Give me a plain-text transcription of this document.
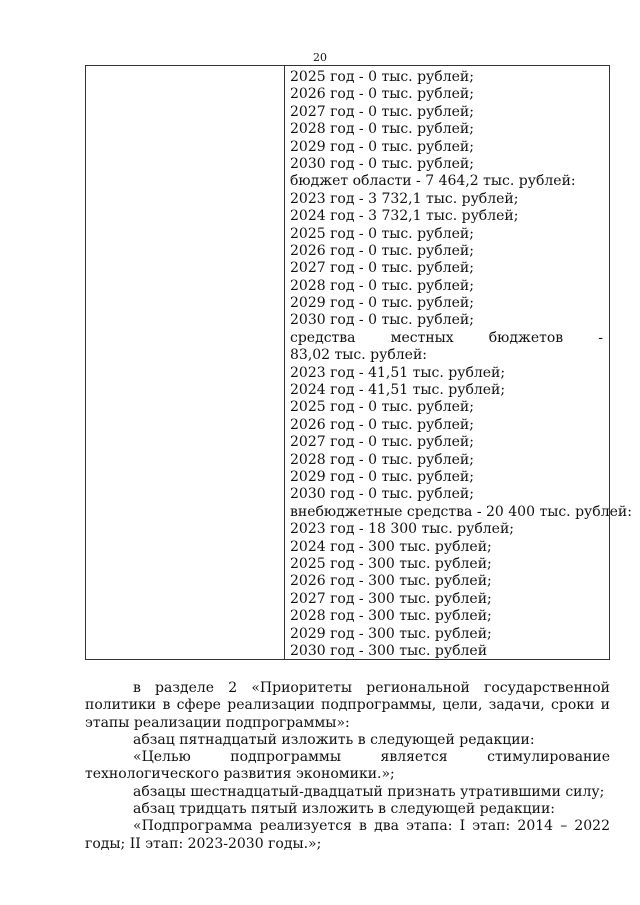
20
2025 год - 0 тыс. рублей;
2026 год - 0 тыс. рублей;
2027 год - 0 тыс. рублей;
2028 год - 0 тыс. рублей;
2029 год - 0 тыс. рублей;
2030 год - 0 тыс. рублей;
бюджет области - 7 464,2 тыс. рублей:
2023 год - 3 732,1 тыс. рублей;
2024 год - 3 732,1 тыс. рублей;
2025 год - 0 тыс. рублей;
2026 год - 0 тыс. рублей;
2027 год - 0 тыс. рублей;
2028 год - 0 тыс. рублей;
2029 год - 0 тыс. рублей;
2030 год - 0 тыс. рублей;
средства	местных	бюджетов	-
83,02 тыс. рублей:
2023 год - 41,51 тыс. рублей;
2024 год - 41,51 тыс. рублей;
2025 год - 0 тыс. рублей;
2026 год - 0 тыс. рублей;
2027 год - 0 тыс. рублей;
2028 год - 0 тыс. рублей;
2029 год - 0 тыс. рублей;
2030 год - 0 тыс. рублей;
внебюджетные средства - 20 400 тыс. рублей:
2023 год - 18 300 тыс. рублей;
2024 год - 300 тыс. рублей;
2025 год - 300 тыс. рублей;
2026 год - 300 тыс. рублей;
2027 год - 300 тыс. рублей;
2028 год - 300 тыс. рублей;
2029 год - 300 тыс. рублей;
2030 год - 300 тыс. рублей

в разделе 2 «Приоритеты региональной государственной политики в сфере реализации подпрограммы, цели, задачи, сроки и этапы реализации подпрограммы»:

абзац пятнадцатый изложить в следующей редакции:

«Целью подпрограммы является стимулирование технологического развития экономики.»;

абзацы шестнадцатый-двадцатый признать утратившими силу;

абзац тридцать пятый изложить в следующей редакции:

«Подпрограмма реализуется в два этапа: I этап: 2014 – 2022 годы; II этап: 2023-2030 годы.»;
